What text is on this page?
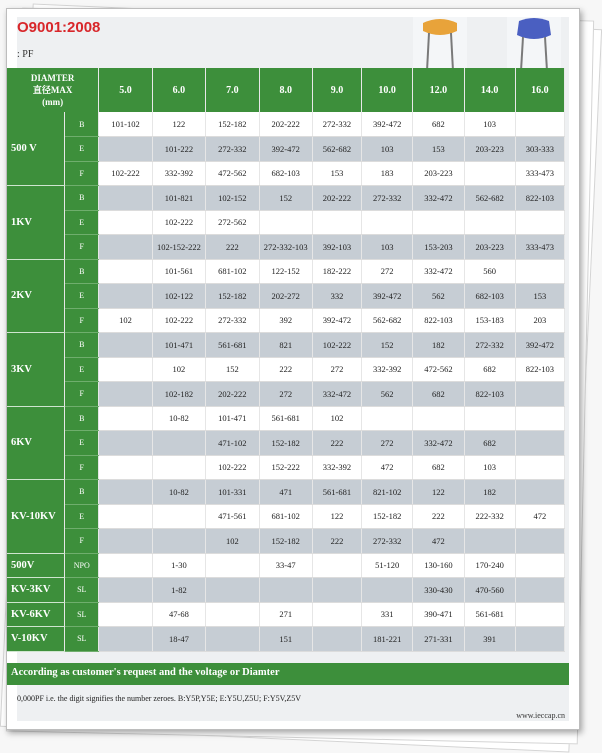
O9001:2008
: PF
DIAMTER
直径MAX
(mm)		5.0	6.0	7.0	8.0	9.0	10.0	12.0	14.0	16.0
500 V	B	101-102	122	152-182	202-222	272-332	392-472	682	103	
	E		101-222	272-332	392-472	562-682	103	153	203-223	303-333
	F	102-222	332-392	472-562	682-103	153	183	203-223		333-473
1KV	B		101-821	102-152	152	202-222	272-332	332-472	562-682	822-103
	E		102-222	272-562						
	F		102-152-222	222	272-332-103	392-103	103	153-203	203-223	333-473
2KV	B		101-561	681-102	122-152	182-222	272	332-472	560	
	E		102-122	152-182	202-272	332	392-472	562	682-103	153
	F	102	102-222	272-332	392	392-472	562-682	822-103	153-183	203
3KV	B		101-471	561-681	821	102-222	152	182	272-332	392-472
	E		102	152	222	272	332-392	472-562	682	822-103
	F		102-182	202-222	272	332-472	562	682	822-103	
6KV	B		10-82	101-471	561-681	102				
	E			471-102	152-182	222	272	332-472	682	
	F			102-222	152-222	332-392	472	682	103	
KV-10KV	B		10-82	101-331	471	561-681	821-102	122	182	
	E			471-561	681-102	122	152-182	222	222-332	472
	F			102	152-182	222	272-332	472		
500V	NPO		1-30		33-47		51-120	130-160	170-240	
KV-3KV	SL		1-82					330-430	470-560	
KV-6KV	SL		47-68		271		331	390-471	561-681	
V-10KV	SL		18-47		151		181-221	271-331	391	
According as customer's request and the voltage or Diamter
0,000PF i.e. the digit signifies the number zeroes. B:Y5P,Y5E; E:Y5U,Z5U; F:Y5V,Z5V
www.ieccap.cn
